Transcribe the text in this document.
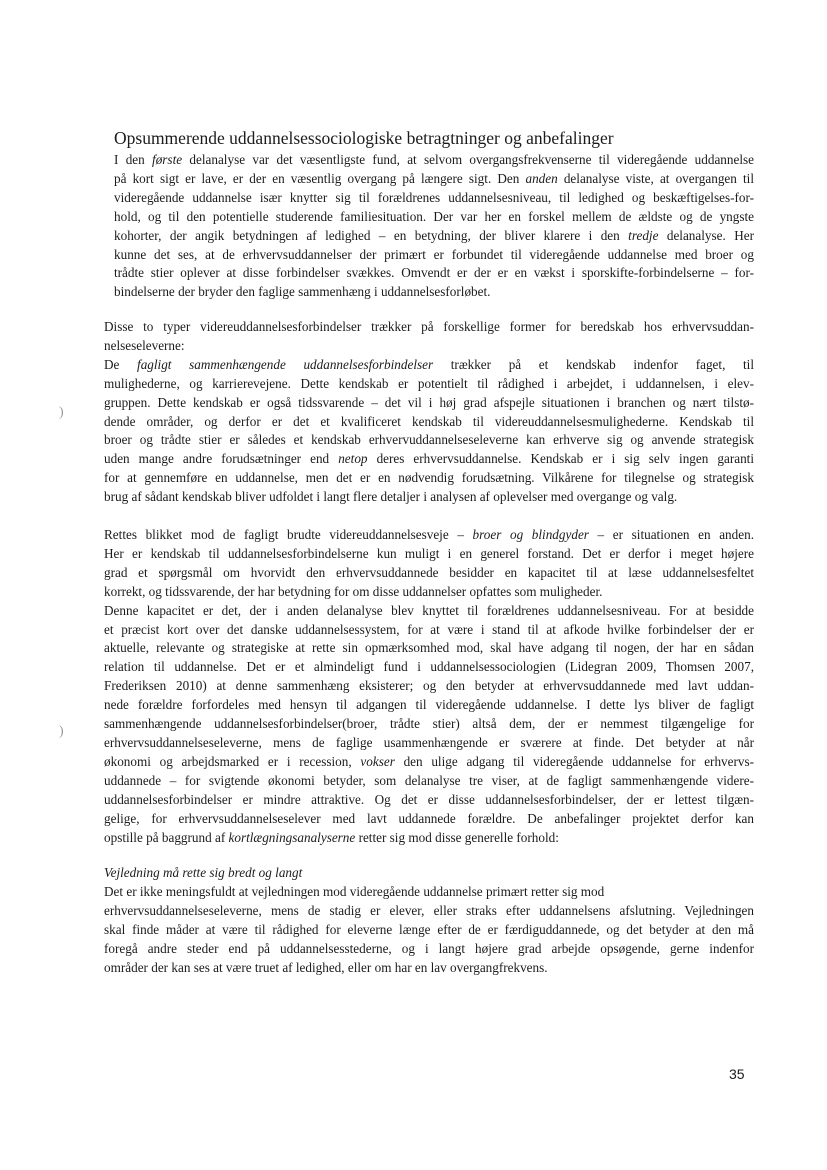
Opsummerende uddannelsessociologiske betragtninger og anbefalinger
I den første delanalyse var det væsentligste fund, at selvom overgangsfrekvenserne til videregående uddannelse
på kort sigt er lave, er der en væsentlig overgang på længere sigt. Den anden delanalyse viste, at overgangen til
videregående uddannelse især knytter sig til forældrenes uddannelsesniveau, til ledighed og beskæftigelses-for-
hold, og til den potentielle studerende familiesituation. Der var her en forskel mellem de ældste og de yngste
kohorter, der angik betydningen af ledighed – en betydning, der bliver klarere i den tredje delanalyse. Her
kunne det ses, at de erhvervsuddannelser der primært er forbundet til videregående uddannelse med broer og
trådte stier oplever at disse forbindelser svækkes. Omvendt er der er en vækst i sporskifte-forbindelserne – for-
bindelserne der bryder den faglige sammenhæng i uddannelsesforløbet.
Disse to typer videreuddannelsesforbindelser trækker på forskellige former for beredskab hos erhvervsuddan-
nelseseleverne:
De fagligt sammenhængende uddannelsesforbindelser trækker på et kendskab indenfor faget, til
mulighederne, og karrierevejene. Dette kendskab er potentielt til rådighed i arbejdet, i uddannelsen, i elev-
gruppen. Dette kendskab er også tidssvarende – det vil i høj grad afspejle situationen i branchen og nært tilstø-
dende områder, og derfor er det et kvalificeret kendskab til videreuddannelsesmulighederne. Kendskab til
broer og trådte stier er således et kendskab erhvervuddannelseseleverne kan erhverve sig og anvende strategisk
uden mange andre forudsætninger end netop deres erhvervsuddannelse. Kendskab er i sig selv ingen garanti
for at gennemføre en uddannelse, men det er en nødvendig forudsætning. Vilkårene for tilegnelse og strategisk
brug af sådant kendskab bliver udfoldet i langt flere detaljer i analysen af oplevelser med overgange og valg.
Rettes blikket mod de fagligt brudte videreuddannelsesveje – broer og blindgyder – er situationen en anden.
Her er kendskab til uddannelsesforbindelserne kun muligt i en generel forstand. Det er derfor i meget højere
grad et spørgsmål om hvorvidt den erhvervsuddannede besidder en kapacitet til at læse uddannelsesfeltet
korrekt, og tidssvarende, der har betydning for om disse uddannelser opfattes som muligheder.
Denne kapacitet er det, der i anden delanalyse blev knyttet til forældrenes uddannelsesniveau. For at besidde
et præcist kort over det danske uddannelsessystem, for at være i stand til at afkode hvilke forbindelser der er
aktuelle, relevante og strategiske at rette sin opmærksomhed mod, skal have adgang til nogen, der har en sådan
relation til uddannelse. Det er et almindeligt fund i uddannelsessociologien (Lidegran 2009, Thomsen 2007,
Frederiksen 2010) at denne sammenhæng eksisterer; og den betyder at erhvervsuddannede med lavt uddan-
nede forældre forfordeles med hensyn til adgangen til videregående uddannelse. I dette lys bliver de fagligt
sammenhængende uddannelsesforbindelser(broer, trådte stier) altså dem, der er nemmest tilgængelige for
erhvervsuddannelseseleverne, mens de faglige usammenhængende er sværere at finde. Det betyder at når
økonomi og arbejdsmarked er i recession, vokser den ulige adgang til videregående uddannelse for erhvervs-
uddannede – for svigtende økonomi betyder, som delanalyse tre viser, at de fagligt sammenhængende videre-
uddannelsesforbindelser er mindre attraktive. Og det er disse uddannelsesforbindelser, der er lettest tilgæn-
gelige, for erhvervsuddannelseselever med lavt uddannede forældre. De anbefalinger projektet derfor kan
opstille på baggrund af kortlægningsanalyserne retter sig mod disse generelle forhold:
Vejledning må rette sig bredt og langt
Det er ikke meningsfuldt at vejledningen mod videregående uddannelse primært retter sig mod
erhvervsuddannelseseleverne, mens de stadig er elever, eller straks efter uddannelsens afslutning. Vejledningen
skal finde måder at være til rådighed for eleverne længe efter de er færdiguddannede, og det betyder at den må
foregå andre steder end på uddannelsesstederne, og i langt højere grad arbejde opsøgende, gerne indenfor
områder der kan ses at være truet af ledighed, eller om har en lav overgangfrekvens.
35
)
)
